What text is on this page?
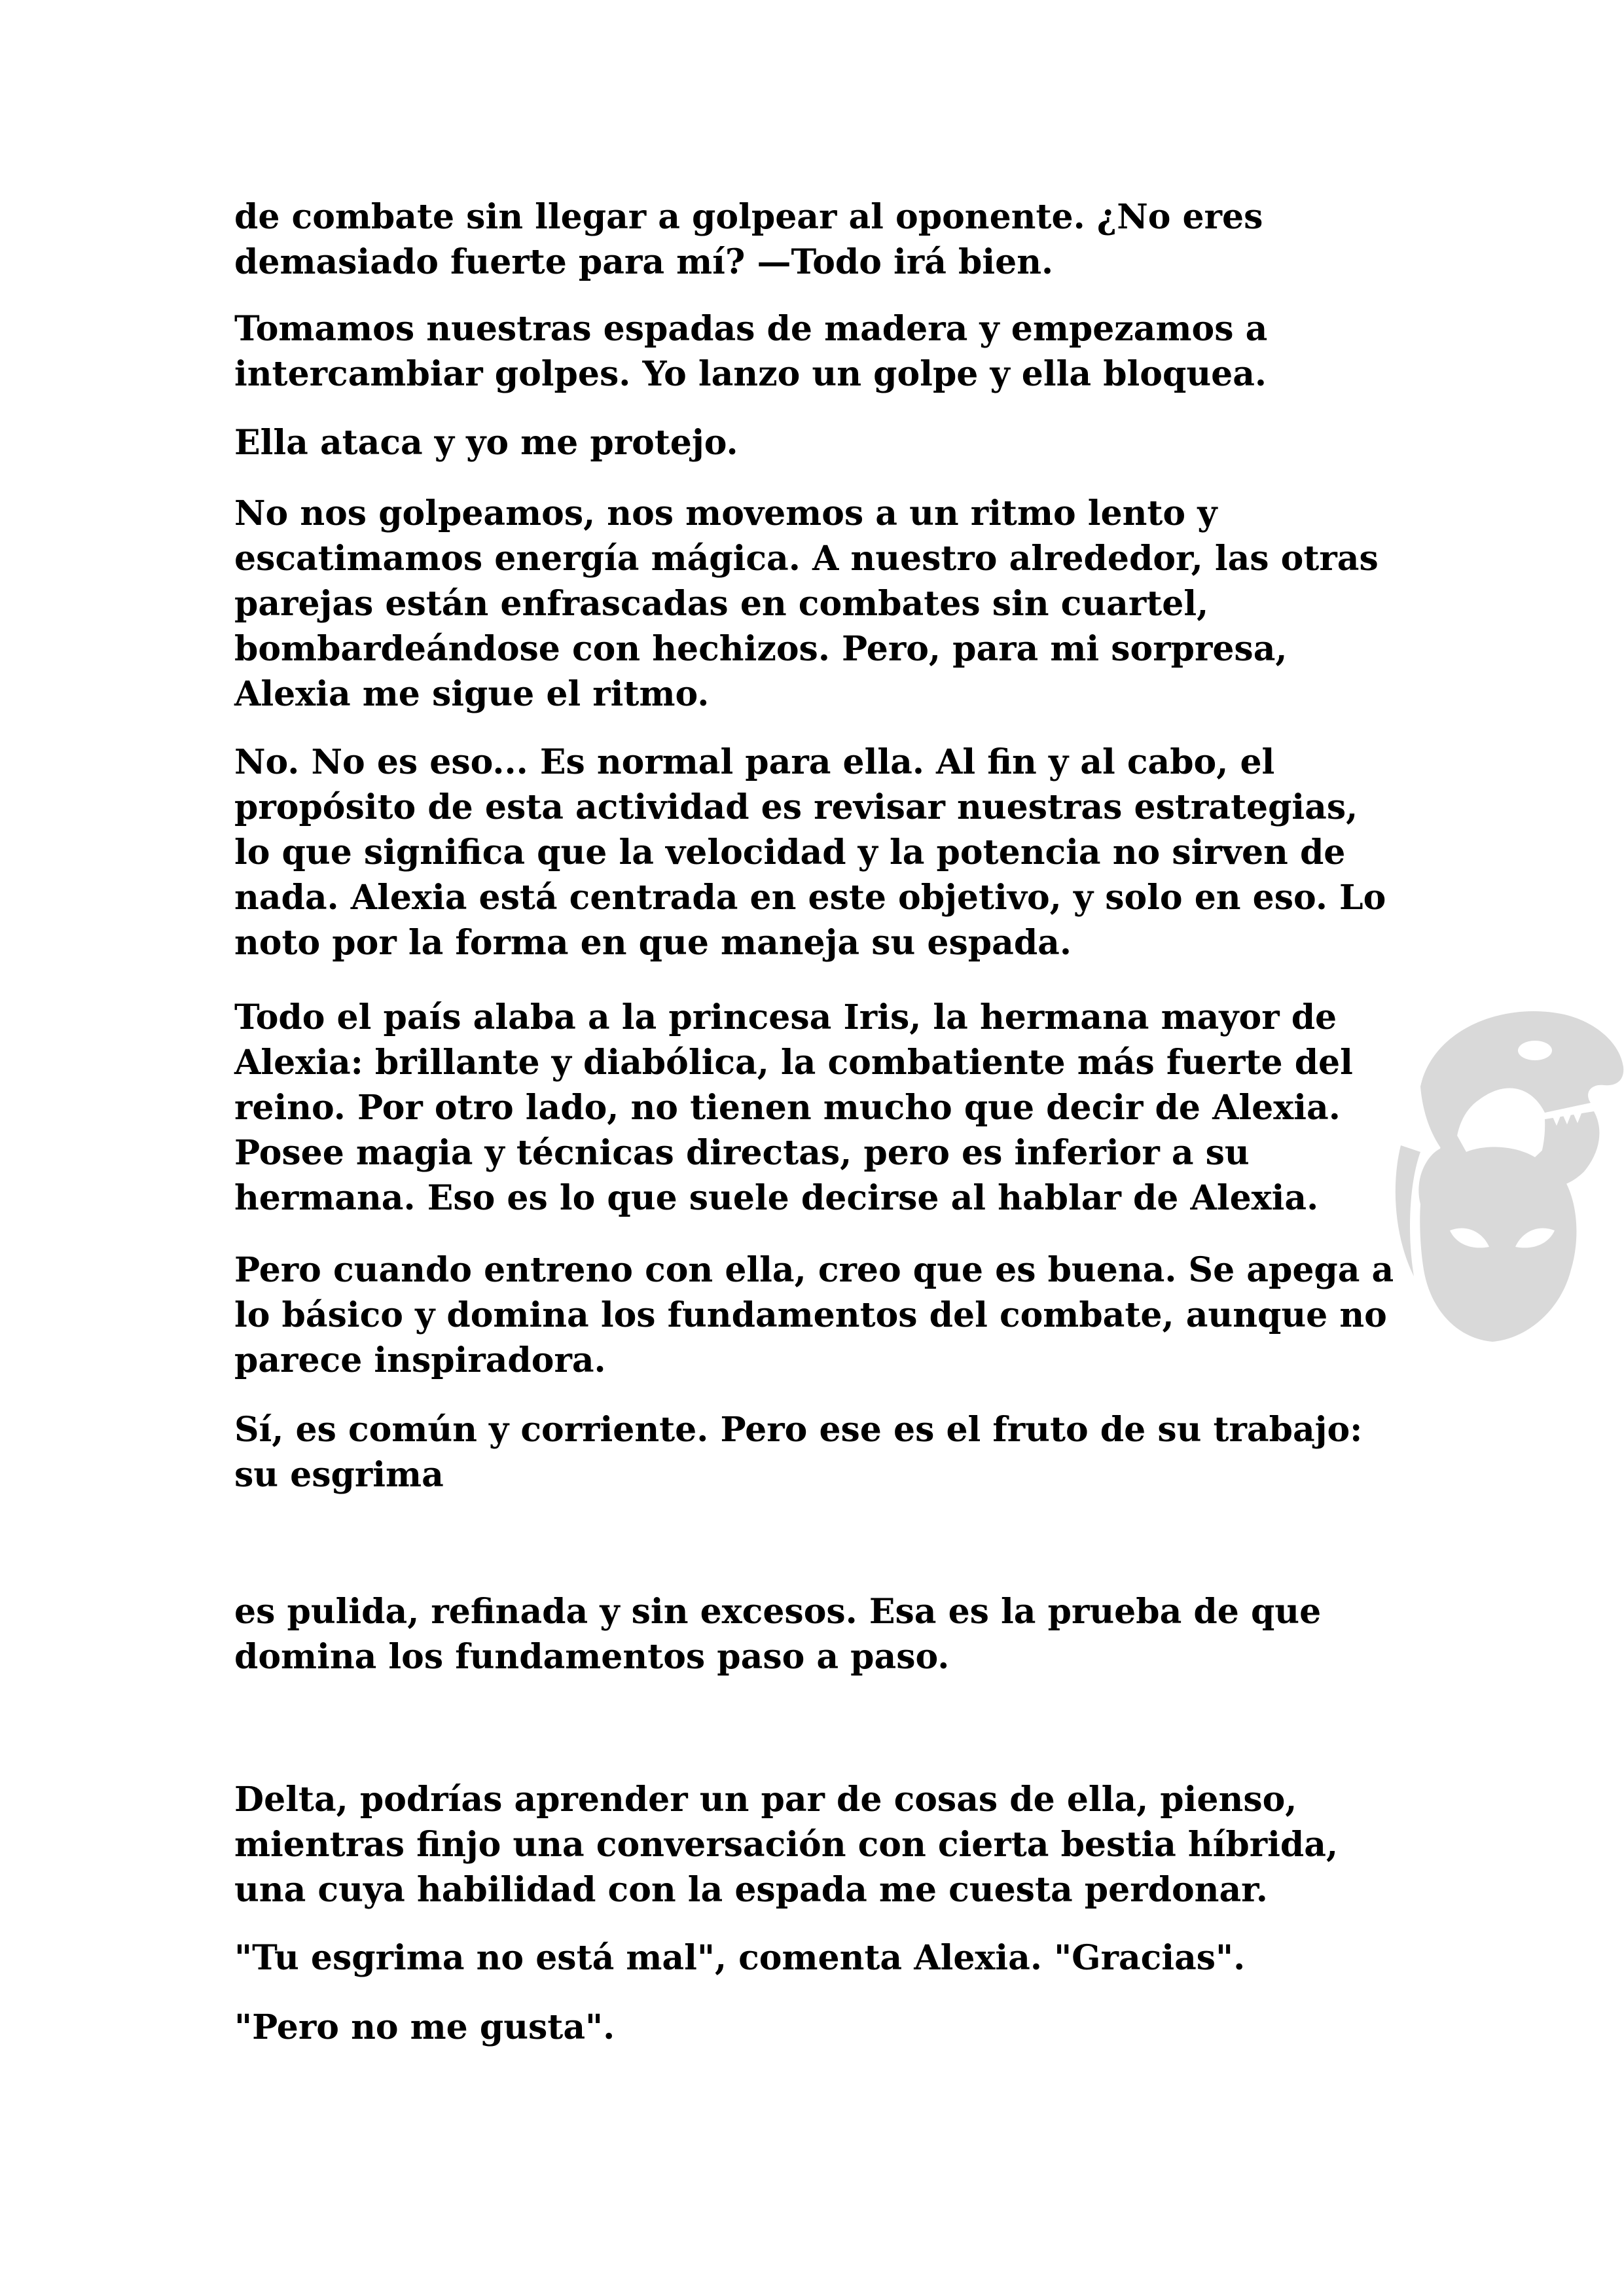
de combate sin llegar a golpear al oponente. ¿No eres
demasiado fuerte para mí? —Todo irá bien.

Tomamos nuestras espadas de madera y empezamos a
intercambiar golpes. Yo lanzo un golpe y ella bloquea.

Ella ataca y yo me protejo.

No nos golpeamos, nos movemos a un ritmo lento y
escatimamos energía mágica. A nuestro alrededor, las otras
parejas están enfrascadas en combates sin cuartel,
bombardeándose con hechizos. Pero, para mi sorpresa,
Alexia me sigue el ritmo.

No. No es eso... Es normal para ella. Al fin y al cabo, el
propósito de esta actividad es revisar nuestras estrategias,
lo que significa que la velocidad y la potencia no sirven de
nada. Alexia está centrada en este objetivo, y solo en eso. Lo
noto por la forma en que maneja su espada.

Todo el país alaba a la princesa Iris, la hermana mayor de
Alexia: brillante y diabólica, la combatiente más fuerte del
reino. Por otro lado, no tienen mucho que decir de Alexia.
Posee magia y técnicas directas, pero es inferior a su
hermana. Eso es lo que suele decirse al hablar de Alexia.

Pero cuando entreno con ella, creo que es buena. Se apega a
lo básico y domina los fundamentos del combate, aunque no
parece inspiradora.

Sí, es común y corriente. Pero ese es el fruto de su trabajo:
su esgrima

es pulida, refinada y sin excesos. Esa es la prueba de que
domina los fundamentos paso a paso.

Delta, podrías aprender un par de cosas de ella, pienso,
mientras finjo una conversación con cierta bestia híbrida,
una cuya habilidad con la espada me cuesta perdonar.

"Tu esgrima no está mal", comenta Alexia. "Gracias".

"Pero no me gusta".
